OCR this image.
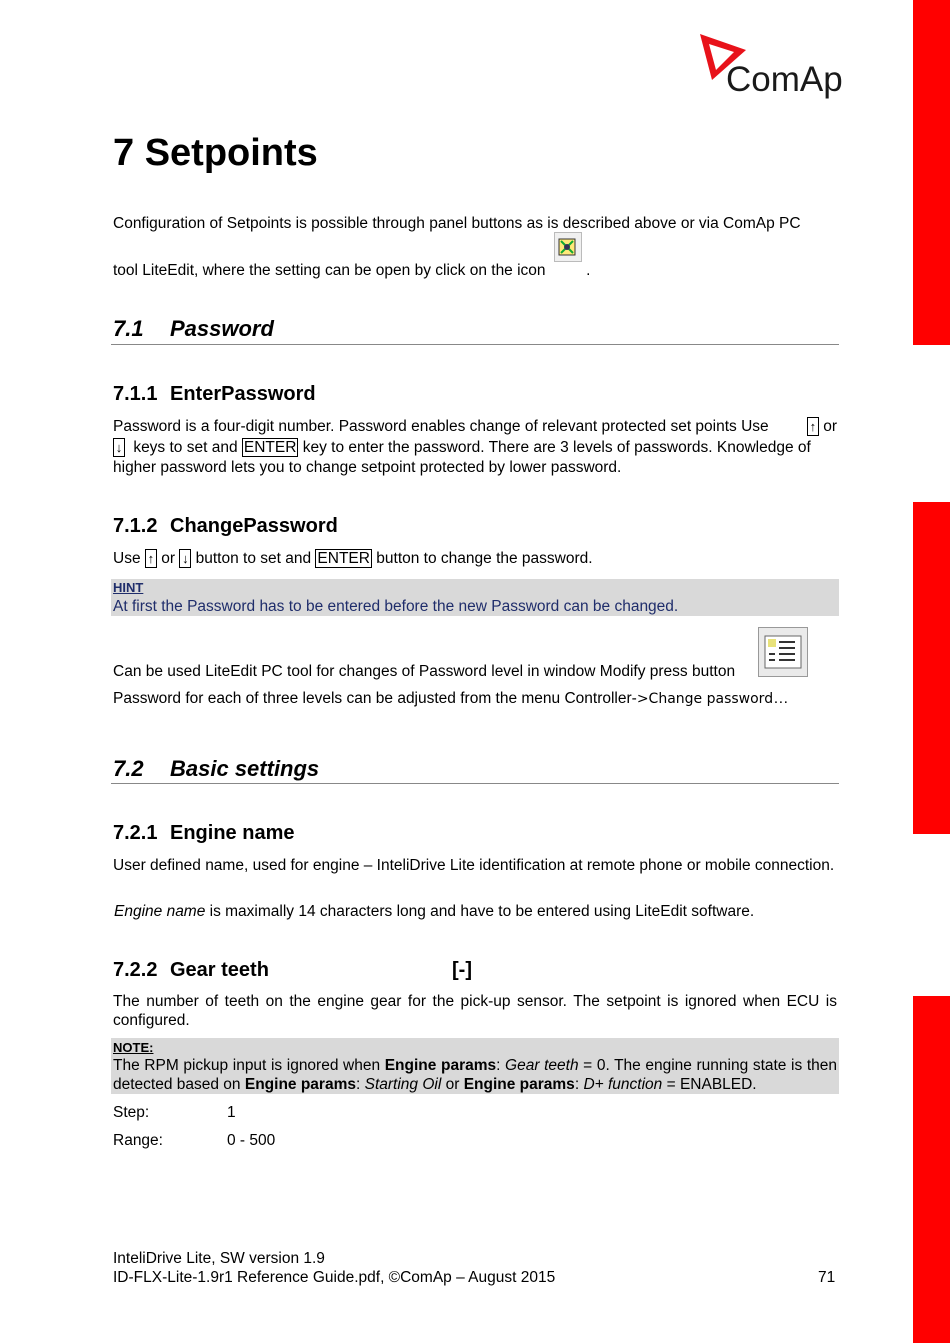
ComAp
7 Setpoints
Configuration of Setpoints is possible through panel buttons as is described above or via ComAp PC
tool LiteEdit, where the setting can be open by click on the icon	.
7.1 Password
7.1.1 EnterPassword
Password is a four-digit number. Password enables change of relevant protected set points Use	↑ or
↓ keys to set and ENTER key to enter the password. There are 3 levels of passwords. Knowledge of
higher password lets you to change setpoint protected by lower password.
7.1.2 ChangePassword
Use ↑ or ↓ button to set and ENTER button to change the password.
HINT
At first the Password has to be entered before the new Password can be changed.
Can be used LiteEdit PC tool for changes of Password level in window Modify press button
Password for each of three levels can be adjusted from the menu Controller->Change password…
7.2 Basic settings
7.2.1 Engine name
User defined name, used for engine – InteliDrive Lite identification at remote phone or mobile connection.
Engine name is maximally 14 characters long and have to be entered using LiteEdit software.
7.2.2 Gear teeth	[-]
The number of teeth on the engine gear for the pick-up sensor. The setpoint is ignored when ECU is configured.
NOTE:
The RPM pickup input is ignored when Engine params: Gear teeth = 0. The engine running state is then detected based on Engine params: Starting Oil or Engine params: D+ function = ENABLED.
Step:	1
Range:	0 - 500
InteliDrive Lite, SW version 1.9
ID-FLX-Lite-1.9r1 Reference Guide.pdf, ©ComAp – August 2015	71
